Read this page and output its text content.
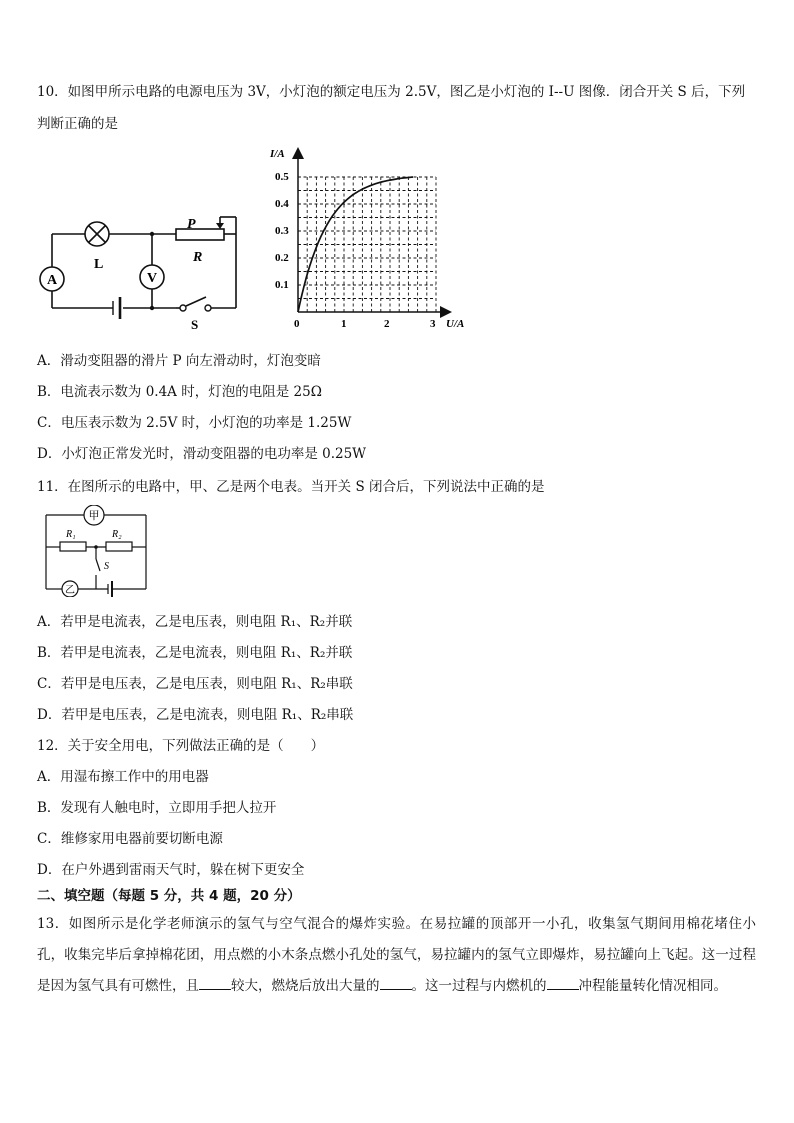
10．如图甲所示电路的电源电压为 3V，小灯泡的额定电压为 2.5V，图乙是小灯泡的 I--U 图像．闭合开关 S 后，下列
判断正确的是
A	V
L
P
R
S
I/A
U/A
0.5
0.4
0.3
0.2
0.1
0	1	2	3
A．滑动变阻器的滑片 P 向左滑动时，灯泡变暗
B．电流表示数为 0.4A 时，灯泡的电阻是 25Ω
C．电压表示数为 2.5V 时，小灯泡的功率是 1.25W
D．小灯泡正常发光时，滑动变阻器的电功率是 0.25W
11．在图所示的电路中，甲、乙是两个电表。当开关 S 闭合后，下列说法中正确的是
甲
R₁	R₂
S
乙
A．若甲是电流表，乙是电压表，则电阻 R₁、R₂并联
B．若甲是电流表，乙是电流表，则电阻 R₁、R₂并联
C．若甲是电压表，乙是电压表，则电阻 R₁、R₂串联
D．若甲是电压表，乙是电流表，则电阻 R₁、R₂串联
12．关于安全用电，下列做法正确的是（　　）
A．用湿布擦工作中的用电器
B．发现有人触电时，立即用手把人拉开
C．维修家用电器前要切断电源
D．在户外遇到雷雨天气时，躲在树下更安全
二、填空题（每题 5 分，共 4 题，20 分）
13．如图所示是化学老师演示的氢气与空气混合的爆炸实验。在易拉罐的顶部开一小孔，收集氢气期间用棉花堵住小孔，收集完毕后拿掉棉花团，用点燃的小木条点燃小孔处的氢气，易拉罐内的氢气立即爆炸，易拉罐向上飞起。这一过程是因为氢气具有可燃性，且 较大，燃烧后放出大量的 。这一过程与内燃机的 冲程能量转化情况相同。
